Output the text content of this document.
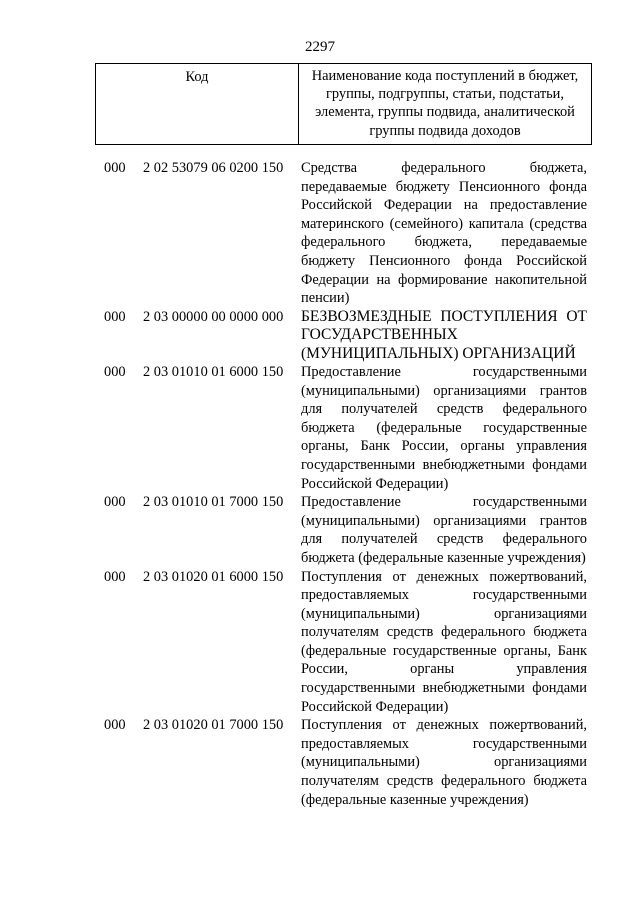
2297
Код	Наименование кода поступлений в бюджет, группы, подгруппы, статьи, подстатьи, элемента, группы подвида, аналитической группы подвида доходов
000 2 02 53079 06 0200 150 Средства федерального бюджета, передаваемые бюджету Пенсионного фонда Российской Федерации на предоставление материнского (семейного) капитала (средства федерального бюджета, передаваемые бюджету Пенсионного фонда Российской Федерации на формирование накопительной пенсии)
000 2 03 00000 00 0000 000 БЕЗВОЗМЕЗДНЫЕ ПОСТУПЛЕНИЯ ОТ ГОСУДАРСТВЕННЫХ (МУНИЦИПАЛЬНЫХ) ОРГАНИЗАЦИЙ
000 2 03 01010 01 6000 150 Предоставление государственными (муниципальными) организациями грантов для получателей средств федерального бюджета (федеральные государственные органы, Банк России, органы управления государственными внебюджетными фондами Российской Федерации)
000 2 03 01010 01 7000 150 Предоставление государственными (муниципальными) организациями грантов для получателей средств федерального бюджета (федеральные казенные учреждения)
000 2 03 01020 01 6000 150 Поступления от денежных пожертвований, предоставляемых государственными (муниципальными) организациями получателям средств федерального бюджета (федеральные государственные органы, Банк России, органы управления государственными внебюджетными фондами Российской Федерации)
000 2 03 01020 01 7000 150 Поступления от денежных пожертвований, предоставляемых государственными (муниципальными) организациями получателям средств федерального бюджета (федеральные казенные учреждения)
